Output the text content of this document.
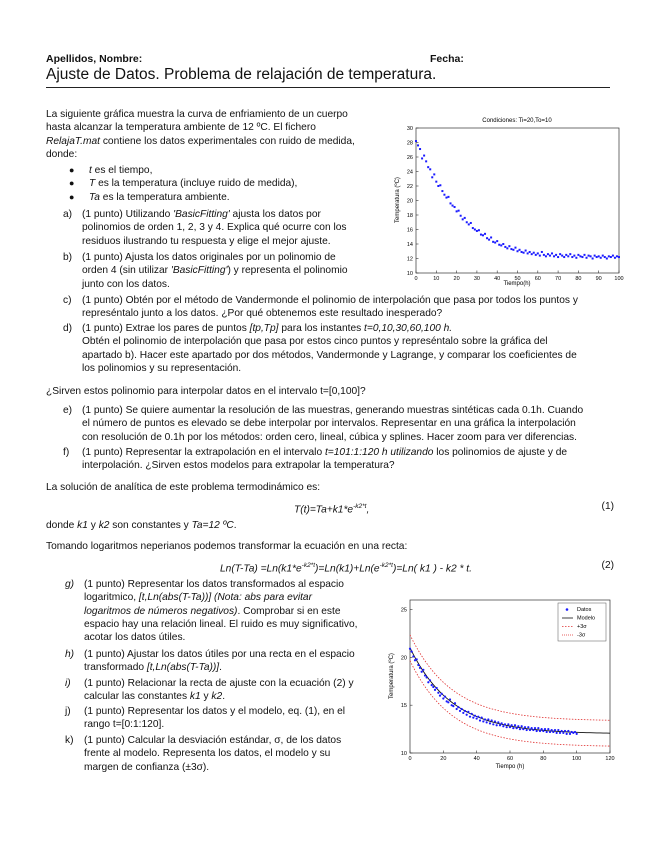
Apellidos, Nombre:	Fecha:
Ajuste de Datos. Problema de relajación de temperatura.
La siguiente gráfica muestra la curva de enfriamiento de un cuerpo
hasta alcanzar la temperatura ambiente de 12 ºC. El fichero
RelajaT.mat contiene los datos experimentales con ruido de medida,
donde:
● t es el tiempo,
● T es la temperatura (incluye ruido de medida),
● Ta es la temperatura ambiente.
a) (1 punto) Utilizando 'BasicFitting' ajusta los datos por
polinomios de orden 1, 2, 3 y 4. Explica qué ocurre con los
residuos ilustrando tu respuesta y elige el mejor ajuste.
b) (1 punto) Ajusta los datos originales por un polinomio de
orden 4 (sin utilizar 'BasicFitting') y representa el polinomio
junto con los datos.
Condiciones: Ti=20,To=10
0	10	20	30	40	50	60	70	80	90 100
10
12
14
16
18
20
22
24
26
28
30
Tiempo(h)
Temperatura (ºC)
c) (1 punto) Obtén por el método de Vandermonde el polinomio de interpolación que pasa por todos los puntos y
represéntalo junto a los datos. ¿Por qué obtenemos este resultado inesperado?
d) (1 punto) Extrae los pares de puntos [tp,Tp] para los instantes t=0,10,30,60,100 h.
Obtén el polinomio de interpolación que pasa por estos cinco puntos y represéntalo sobre la gráfica del
apartado b). Hacer este apartado por dos métodos, Vandermonde y Lagrange, y comparar los coeficientes de
los polinomios y su representación.
¿Sirven estos polinomio para interpolar datos en el intervalo t=[0,100]?
e) (1 punto) Se quiere aumentar la resolución de las muestras, generando muestras sintéticas cada 0.1h. Cuando
el número de puntos es elevado se debe interpolar por intervalos. Representar en una gráfica la interpolación
con resolución de 0.1h por los métodos: orden cero, lineal, cúbica y splines. Hacer zoom para ver diferencias.
f) (1 punto) Representar la extrapolación en el intervalo t=101:1:120 h utilizando los polinomios de ajuste y de
interpolación. ¿Sirven estos modelos para extrapolar la temperatura?
La solución de analítica de este problema termodinámico es:
$T(t)=Ta+k1*e^{-k2*t}$,	(1)
donde k1 y k2 son constantes y Ta=12 ºC.
Tomando logaritmos neperianos podemos transformar la ecuación en una recta:
$Ln(T-Ta) =Ln(k1*e^{-k2*t})=Ln(k1)+Ln(e^{-k2*t})=Ln$( k1 ) - k2 * t.	(2)
g) (1 punto) Representar los datos transformados al espacio
logaritmico, [t,Ln(abs(T-Ta))] (Nota: abs para evitar
logaritmos de números negativos). Comprobar si en este
espacio hay una relación lineal. El ruido es muy significativo,
acotar los datos útiles.
h) (1 punto) Ajustar los datos útiles por una recta en el espacio
transformado [t,Ln(abs(T-Ta))].
i) (1 punto) Relacionar la recta de ajuste con la ecuación (2) y
calcular las constantes k1 y k2.
j) (1 punto) Representar los datos y el modelo, eq. (1), en el
rango t=[0:1:120].
k) (1 punto) Calcular la desviación estándar, σ, de los datos
frente al modelo. Representa los datos, el modelo y su
margen de confianza (±3σ).
0	20	40	60	80	100	120
10
15
20
25	Datos
Modelo
+3σ
-3σ
Tiempo (h)
Temperatura (ºC)
